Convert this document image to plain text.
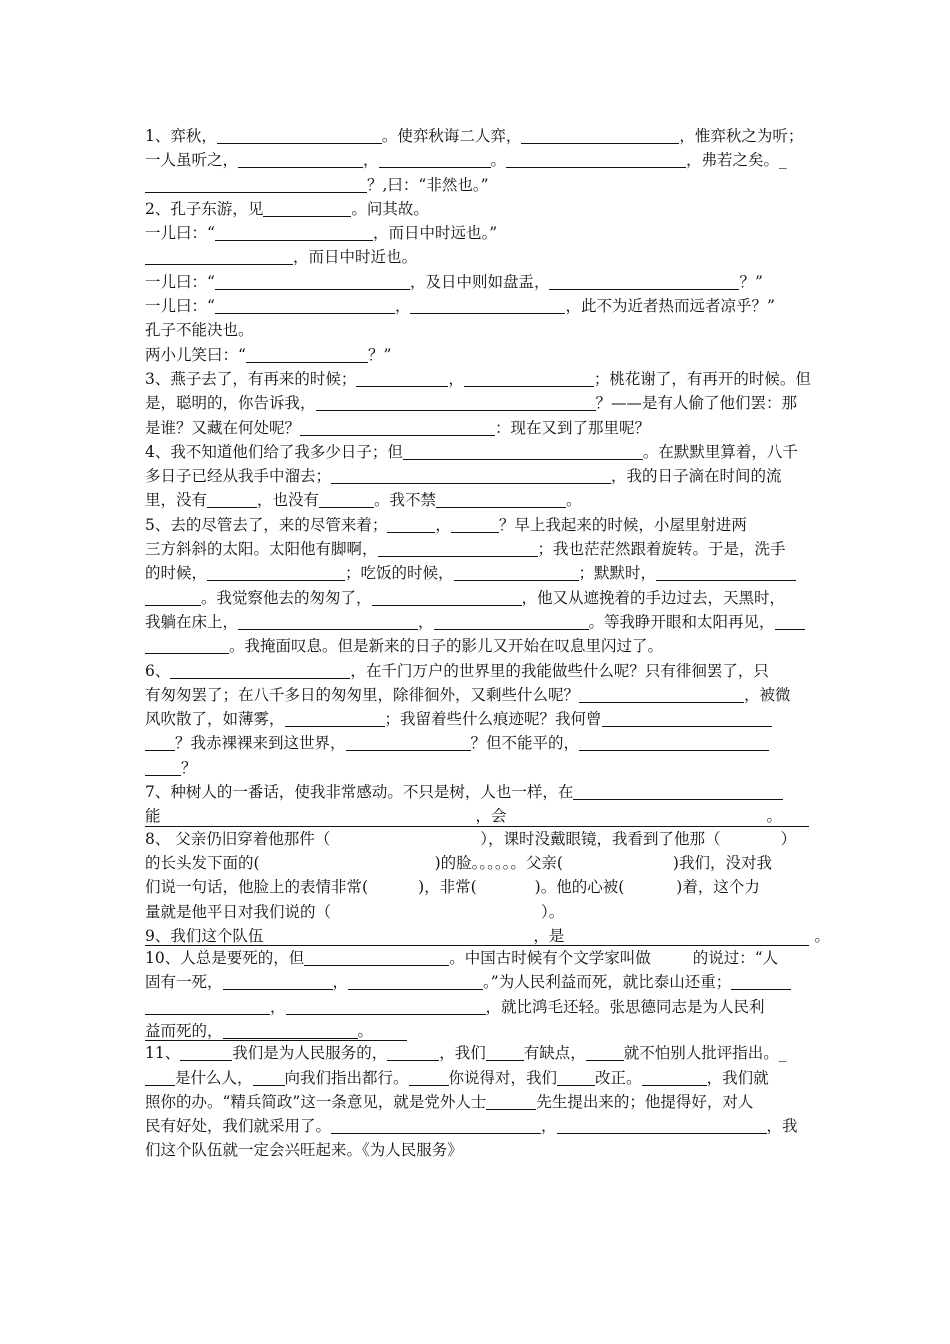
1、弈秋，	。使弈秋诲二人弈，	，惟弈秋之为听；
一人虽听之，	，	。	，弗若之矣。_
？,曰：“非然也。”
2、孔子东游，见	。问其故。
一儿曰：“	，而日中时远也。”
，而日中时近也。
一儿曰：“	，及日中则如盘盂，	？”
一儿曰：“	，	，此不为近者热而远者凉乎？”
孔子不能决也。
两小儿笑曰：“	？”
3、燕子去了，有再来的时候；	，	；桃花谢了，有再开的时候。但
是，聪明的，你告诉我，	？——是有人偷了他们罢：那
是谁？又藏在何处呢？	：现在又到了那里呢？
4、我不知道他们给了我多少日子；但	。在默默里算着，八千
多日子已经从我手中溜去；	，我的日子滴在时间的流
里，没有	，也没有	。我不禁	。
5、去的尽管去了，来的尽管来着；	，	？早上我起来的时候，小屋里射进两
三方斜斜的太阳。太阳他有脚啊，	；我也茫茫然跟着旋转。于是，洗手
的时候，	；吃饭的时候，	；默默时，
。我觉察他去的匆匆了，	，他又从遮挽着的手边过去，天黑时，
我躺在床上，	，	。等我睁开眼和太阳再见，
。我掩面叹息。但是新来的日子的影儿又开始在叹息里闪过了。
6、	，在千门万户的世界里的我能做些什么呢？只有徘徊罢了，只
有匆匆罢了；在八千多日的匆匆里，除徘徊外，又剩些什么呢？	，被微
风吹散了，如薄雾，	；我留着些什么痕迹呢？我何曾
？我赤裸裸来到这世界，	？但不能平的，
？
7、种树人的一番话，使我非常感动。不只是树，人也一样，在
能	，会	。
8、 父亲仍旧穿着他那件（	），课时没戴眼镜，我看到了他那（	）
的长头发下面的(	)的脸。。。。。。父亲(	)我们，没对我
们说一句话，他脸上的表情非常(	)，非常(	)。他的心被(	)着，这个力
量就是他平日对我们说的（	）。
9、我们这个队伍	，是	。
10、人总是要死的，但	。中国古时候有个文学家叫做	的说过：“人
固有一死，	，	。”为人民利益而死，就比泰山还重；
，	，就比鸿毛还轻。张思德同志是为人民利
益而死的，	。
11、	我们是为人民服务的，	，我们 有缺点， 就不怕别人批评指出。_
是什么人， 向我们指出都行。	你说得对，我们 改正。	，我们就
照你的办。“精兵简政”这一条意见，就是党外人士	先生提出来的；他提得好，对人
民有好处，我们就采用了。	，	，我
们这个队伍就一定会兴旺起来。《为人民服务》
